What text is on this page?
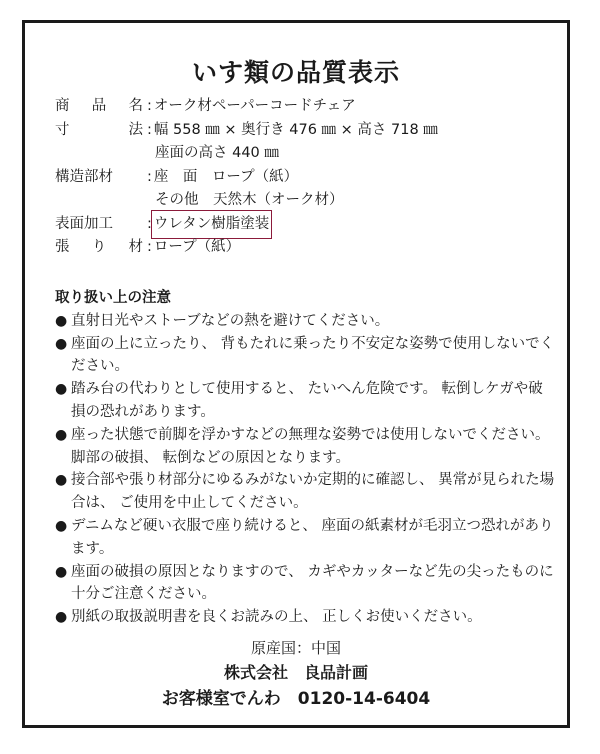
いす類の品質表示
商 品 名 : オーク材ペーパーコードチェア
寸 法 : 幅 558 ㎜ × 奥行き 476 ㎜ × 高さ 718 ㎜
座面の高さ 440 ㎜
構造部材	: 座　面　ロープ（紙）
その他　天然木（オーク材）
表面加工	: ウレタン樹脂塗装
張 り 材 : ロープ（紙）
取り扱い上の注意
● 直射日光やストーブなどの熱を避けてください。
● 座面の上に立ったり、 背もたれに乗ったり不安定な姿勢で使用しないでください。
● 踏み台の代わりとして使用すると、 たいへん危険です。 転倒しケガや破損の恐れがあります。
● 座った状態で前脚を浮かすなどの無理な姿勢では使用しないでください。 脚部の破損、 転倒などの原因となります。
● 接合部や張り材部分にゆるみがないか定期的に確認し、 異常が見られた場合は、 ご使用を中止してください。
● デニムなど硬い衣服で座り続けると、 座面の紙素材が毛羽立つ恐れがあります。
● 座面の破損の原因となりますので、 カギやカッターなど先の尖ったものに十分ご注意ください。
● 別紙の取扱説明書を良くお読みの上、 正しくお使いください。
原産国：中国
株式会社　良品計画
お客様室でんわ　0120-14-6404
